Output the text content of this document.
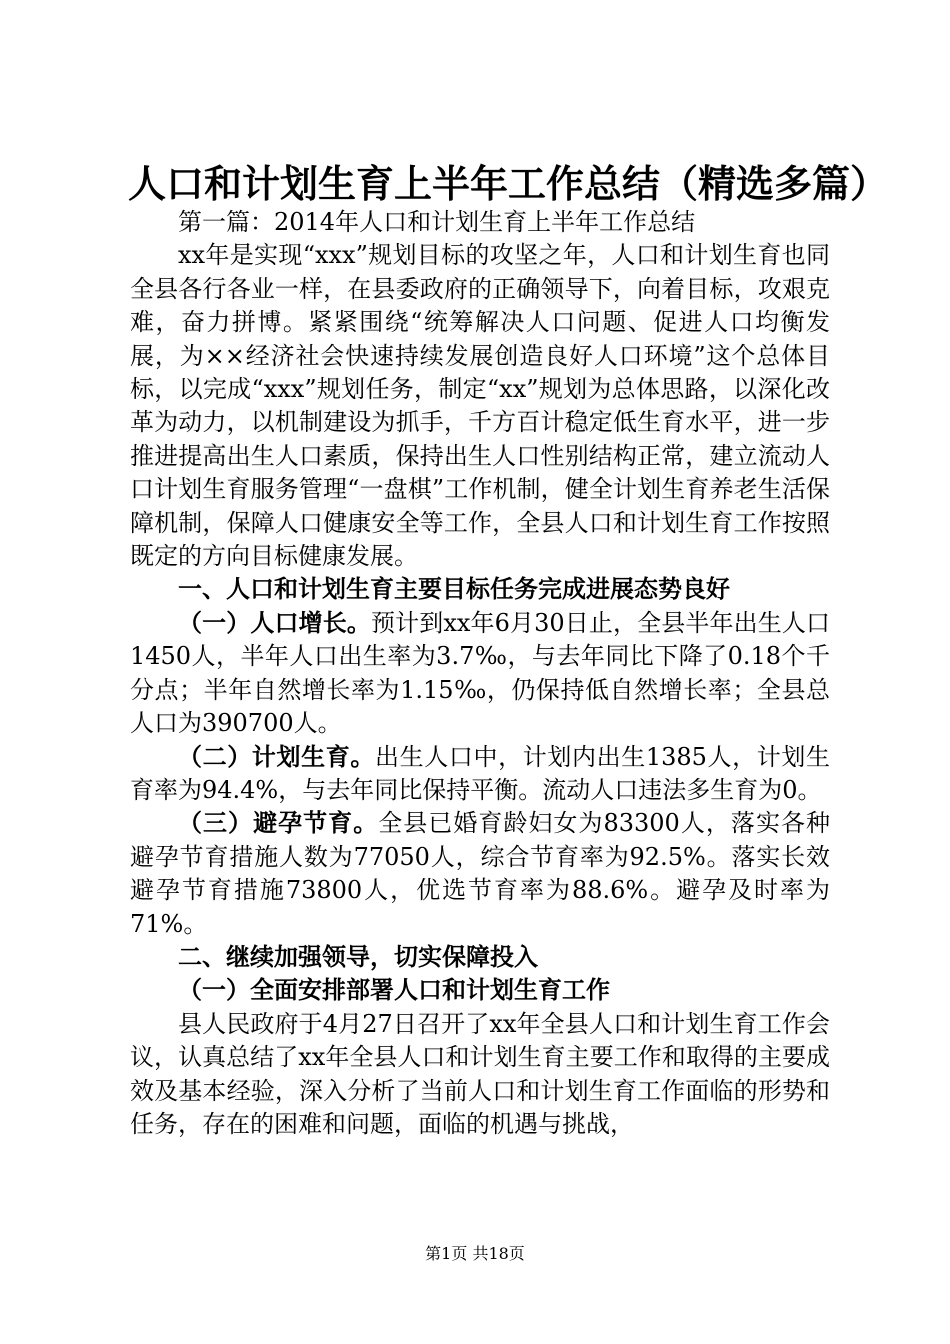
人口和计划生育上半年工作总结（精选多篇）

第一篇：2014年人口和计划生育上半年工作总结

xx年是实现“xxx”规划目标的攻坚之年，人口和计划生育也同全县各行各业一样，在县委政府的正确领导下，向着目标，攻艰克难，奋力拼博。紧紧围绕“统筹解决人口问题、促进人口均衡发展，为××经济社会快速持续发展创造良好人口环境”这个总体目标，以完成“xxx”规划任务，制定“xx”规划为总体思路，以深化改革为动力，以机制建设为抓手，千方百计稳定低生育水平，进一步推进提高出生人口素质，保持出生人口性别结构正常，建立流动人口计划生育服务管理“一盘棋”工作机制，健全计划生育养老生活保障机制，保障人口健康安全等工作，全县人口和计划生育工作按照既定的方向目标健康发展。

一、人口和计划生育主要目标任务完成进展态势良好

（一）人口增长。预计到xx年6月30日止，全县半年出生人口1450人，半年人口出生率为3.7‰，与去年同比下降了0.18个千分点；半年自然增长率为1.15‰，仍保持低自然增长率；全县总人口为390700人。

（二）计划生育。出生人口中，计划内出生1385人，计划生育率为94.4%，与去年同比保持平衡。流动人口违法多生育为0。

（三）避孕节育。全县已婚育龄妇女为83300人，落实各种避孕节育措施人数为77050人，综合节育率为92.5%。落实长效避孕节育措施73800人，优选节育率为88.6%。避孕及时率为71%。

二、继续加强领导，切实保障投入

（一）全面安排部署人口和计划生育工作

县人民政府于4月27日召开了xx年全县人口和计划生育工作会议，认真总结了xx年全县人口和计划生育主要工作和取得的主要成效及基本经验，深入分析了当前人口和计划生育工作面临的形势和任务，存在的困难和问题，面临的机遇与挑战，

第1页 共18页
